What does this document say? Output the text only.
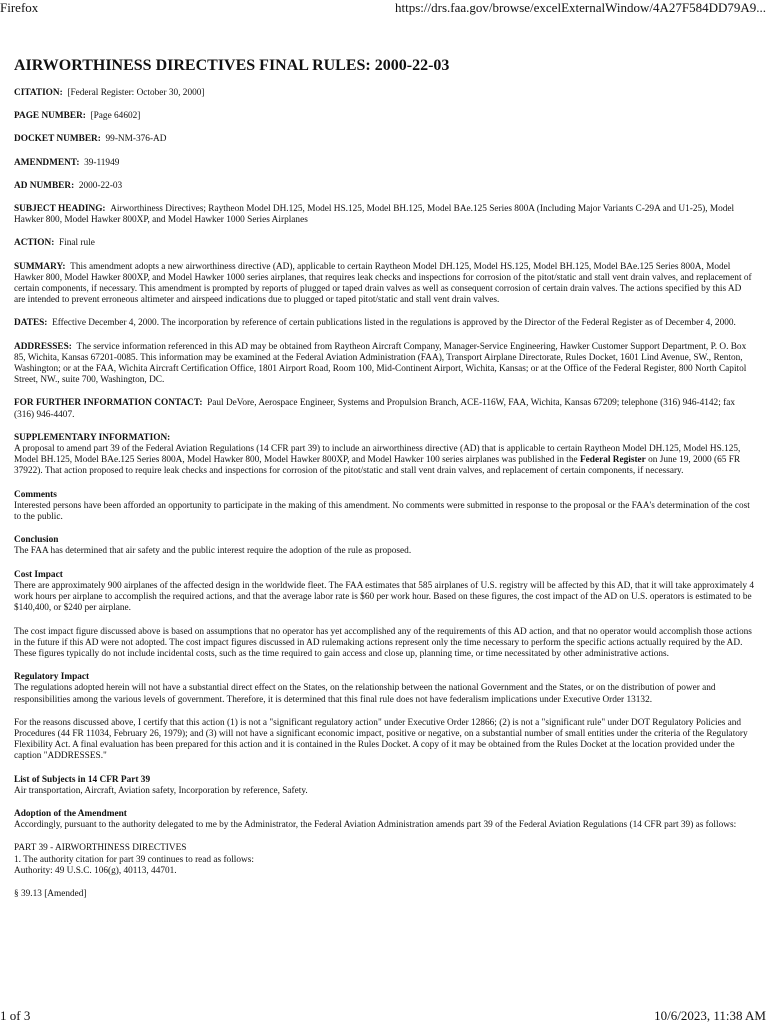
Firefox	https://drs.faa.gov/browse/excelExternalWindow/4A27F584DD79A9...
AIRWORTHINESS DIRECTIVES FINAL RULES: 2000-22-03
CITATION: [Federal Register: October 30, 2000]
PAGE NUMBER: [Page 64602]
DOCKET NUMBER: 99-NM-376-AD
AMENDMENT: 39-11949
AD NUMBER: 2000-22-03
SUBJECT HEADING: Airworthiness Directives; Raytheon Model DH.125, Model HS.125, Model BH.125, Model BAe.125 Series 800A (Including Major Variants C-29A and U1-25), Model Hawker 800, Model Hawker 800XP, and Model Hawker 1000 Series Airplanes
ACTION: Final rule
SUMMARY: This amendment adopts a new airworthiness directive (AD), applicable to certain Raytheon Model DH.125, Model HS.125, Model BH.125, Model BAe.125 Series 800A, Model Hawker 800, Model Hawker 800XP, and Model Hawker 1000 series airplanes, that requires leak checks and inspections for corrosion of the pitot/static and stall vent drain valves, and replacement of certain components, if necessary. This amendment is prompted by reports of plugged or taped drain valves as well as consequent corrosion of certain drain valves. The actions specified by this AD are intended to prevent erroneous altimeter and airspeed indications due to plugged or taped pitot/static and stall vent drain valves.
DATES: Effective December 4, 2000. The incorporation by reference of certain publications listed in the regulations is approved by the Director of the Federal Register as of December 4, 2000.
ADDRESSES: The service information referenced in this AD may be obtained from Raytheon Aircraft Company, Manager-Service Engineering, Hawker Customer Support Department, P. O. Box 85, Wichita, Kansas 67201-0085. This information may be examined at the Federal Aviation Administration (FAA), Transport Airplane Directorate, Rules Docket, 1601 Lind Avenue, SW., Renton, Washington; or at the FAA, Wichita Aircraft Certification Office, 1801 Airport Road, Room 100, Mid-Continent Airport, Wichita, Kansas; or at the Office of the Federal Register, 800 North Capitol Street, NW., suite 700, Washington, DC.
FOR FURTHER INFORMATION CONTACT: Paul DeVore, Aerospace Engineer, Systems and Propulsion Branch, ACE-116W, FAA, Wichita, Kansas 67209; telephone (316) 946-4142; fax (316) 946-4407.
SUPPLEMENTARY INFORMATION:
A proposal to amend part 39 of the Federal Aviation Regulations (14 CFR part 39) to include an airworthiness directive (AD) that is applicable to certain Raytheon Model DH.125, Model HS.125, Model BH.125, Model BAe.125 Series 800A, Model Hawker 800, Model Hawker 800XP, and Model Hawker 100 series airplanes was published in the Federal Register on June 19, 2000 (65 FR 37922). That action proposed to require leak checks and inspections for corrosion of the pitot/static and stall vent drain valves, and replacement of certain components, if necessary.
Comments
Interested persons have been afforded an opportunity to participate in the making of this amendment. No comments were submitted in response to the proposal or the FAA's determination of the cost to the public.
Conclusion
The FAA has determined that air safety and the public interest require the adoption of the rule as proposed.
Cost Impact
There are approximately 900 airplanes of the affected design in the worldwide fleet. The FAA estimates that 585 airplanes of U.S. registry will be affected by this AD, that it will take approximately 4 work hours per airplane to accomplish the required actions, and that the average labor rate is $60 per work hour. Based on these figures, the cost impact of the AD on U.S. operators is estimated to be $140,400, or $240 per airplane.
The cost impact figure discussed above is based on assumptions that no operator has yet accomplished any of the requirements of this AD action, and that no operator would accomplish those actions in the future if this AD were not adopted. The cost impact figures discussed in AD rulemaking actions represent only the time necessary to perform the specific actions actually required by the AD. These figures typically do not include incidental costs, such as the time required to gain access and close up, planning time, or time necessitated by other administrative actions.
Regulatory Impact
The regulations adopted herein will not have a substantial direct effect on the States, on the relationship between the national Government and the States, or on the distribution of power and responsibilities among the various levels of government. Therefore, it is determined that this final rule does not have federalism implications under Executive Order 13132.
For the reasons discussed above, I certify that this action (1) is not a "significant regulatory action" under Executive Order 12866; (2) is not a "significant rule" under DOT Regulatory Policies and Procedures (44 FR 11034, February 26, 1979); and (3) will not have a significant economic impact, positive or negative, on a substantial number of small entities under the criteria of the Regulatory Flexibility Act. A final evaluation has been prepared for this action and it is contained in the Rules Docket. A copy of it may be obtained from the Rules Docket at the location provided under the caption "ADDRESSES."
List of Subjects in 14 CFR Part 39
Air transportation, Aircraft, Aviation safety, Incorporation by reference, Safety.
Adoption of the Amendment
Accordingly, pursuant to the authority delegated to me by the Administrator, the Federal Aviation Administration amends part 39 of the Federal Aviation Regulations (14 CFR part 39) as follows:
PART 39 - AIRWORTHINESS DIRECTIVES
1. The authority citation for part 39 continues to read as follows:
Authority: 49 U.S.C. 106(g), 40113, 44701.
§ 39.13 [Amended]
1 of 3	10/6/2023, 11:38 AM
